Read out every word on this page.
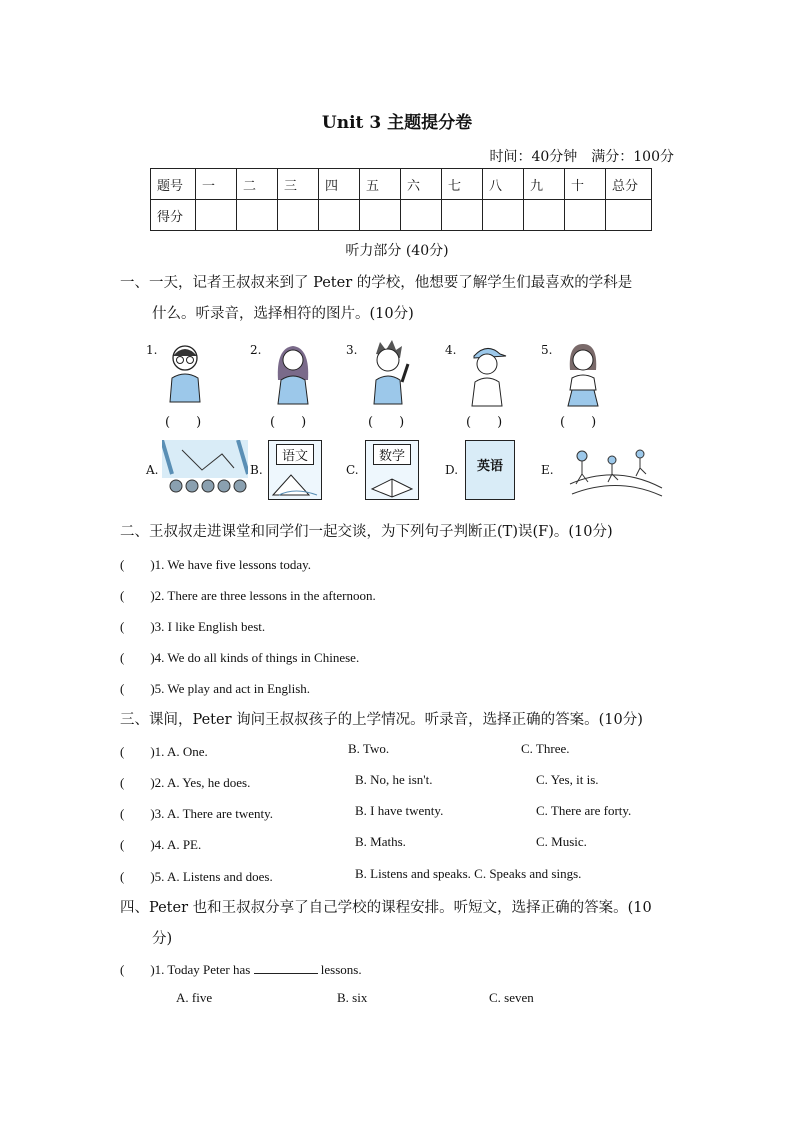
Unit 3 主题提分卷
时间：40分钟　满分：100分
题号	一	二	三	四	五	六	七	八	九	十	总分
得分											
听力部分 (40分)
一、一天，记者王叔叔来到了 Peter 的学校，他想要了解学生们最喜欢的学科是
什么。听录音，选择相符的图片。(10分)
1.	2.	3.	4.	5.
(　　)	(　　)	(　　)	(　　)	(　　)
A.	B.
语文
C.
数学
D.	英语	E.
二、王叔叔走进课堂和同学们一起交谈，为下列句子判断正(T)误(F)。(10分)
(　　)1. We have five lessons today.
(　　)2. There are three lessons in the afternoon.
(　　)3. I like English best.
(　　)4. We do all kinds of things in Chinese.
(　　)5. We play and act in English.
三、课间，Peter 询问王叔叔孩子的上学情况。听录音，选择正确的答案。(10分)
(　　)1. A. One.	B. Two.	C. Three.
(　　)2. A. Yes, he does.	B. No, he isn't.	C. Yes, it is.
(　　)3. A. There are twenty.	B. I have twenty.	C. There are forty.
(　　)4. A. PE.	B. Maths.	C. Music.
(　　)5. A. Listens and does.	B. Listens and speaks. C. Speaks and sings.
四、Peter 也和王叔叔分享了自己学校的课程安排。听短文，选择正确的答案。(10
分)
(　　)1. Today Peter has	lessons.
A. five	B. six	C. seven
